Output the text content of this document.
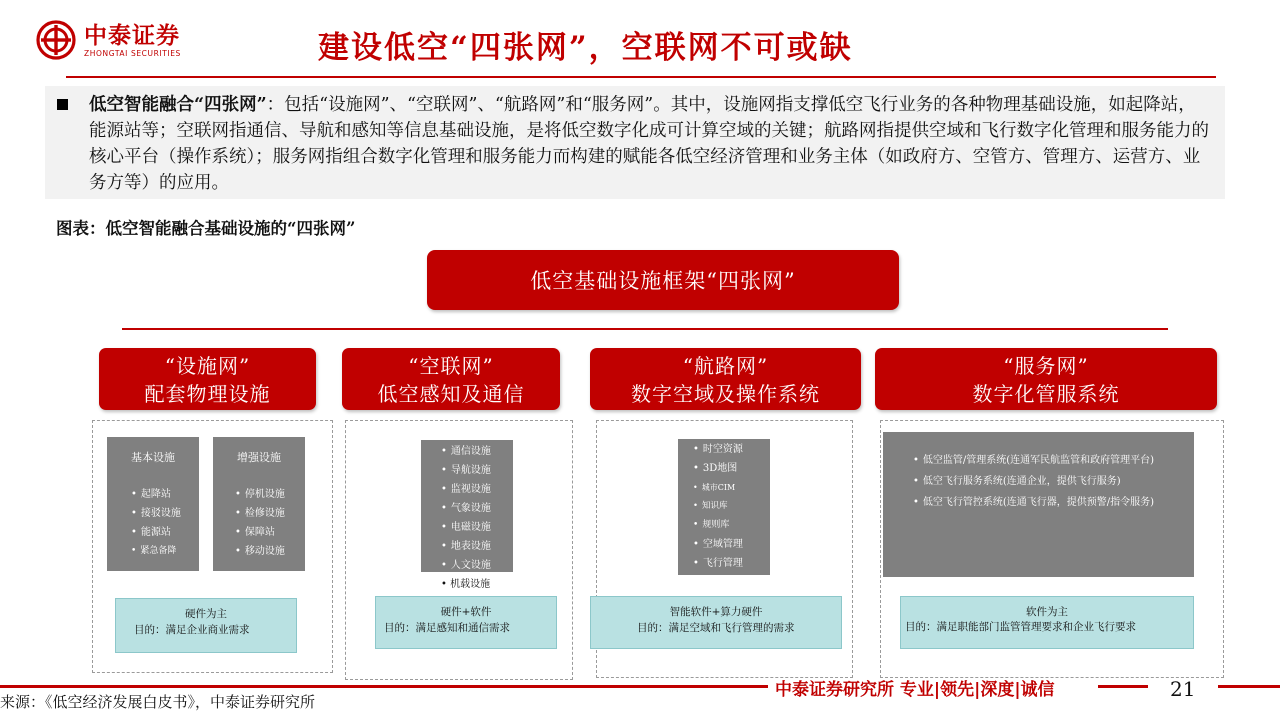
中泰证券
ZHONGTAI SECURITIES	建设低空“四张网”，空联网不可或缺

低空智能融合“四张网”：包括“设施网”、“空联网”、“航路网”和“服务网”。其中，设施网指支撑低空飞行业务的各种物理基础设施，如起降站，能源站等；空联网指通信、导航和感知等信息基础设施，是将低空数字化成可计算空域的关键；航路网指提供空域和飞行数字化管理和服务能力的核心平台（操作系统）；服务网指组合数字化管理和服务能力而构建的赋能各低空经济管理和业务主体（如政府方、空管方、管理方、运营方、业务方等）的应用。

图表：低空智能融合基础设施的“四张网”
低空基础设施框架“四张网”
“设施网”
配套物理设施
基本设施
• 起降站
• 接驳设施
• 能源站
• 紧急备降
增强设施
• 停机设施
• 检修设施
• 保障站
• 移动设施
硬件为主
目的：满足企业商业需求
“空联网”
低空感知及通信
• 通信设施
• 导航设施
• 监视设施
• 气象设施
• 电磁设施
• 地表设施
• 人文设施
• 机载设施
硬件+软件
目的：满足感知和通信需求
“航路网”
数字空域及操作系统
• 时空资源
• 3D地图
• 城市CIM
• 知识库
• 规则库
• 空域管理
• 飞行管理
智能软件+算力硬件
目的：满足空域和飞行管理的需求
“服务网”
数字化管服系统
• 低空监管/管理系统(连通军民航监管和政府管理平台)
• 低空飞行服务系统(连通企业，提供飞行服务)
• 低空飞行管控系统(连通飞行器，提供预警/指令服务)
软件为主
目的：满足职能部门监管管理要求和企业飞行要求
中泰证券研究所 专业|领先|深度|诚信	21
来源：《低空经济发展白皮书》，中泰证券研究所
